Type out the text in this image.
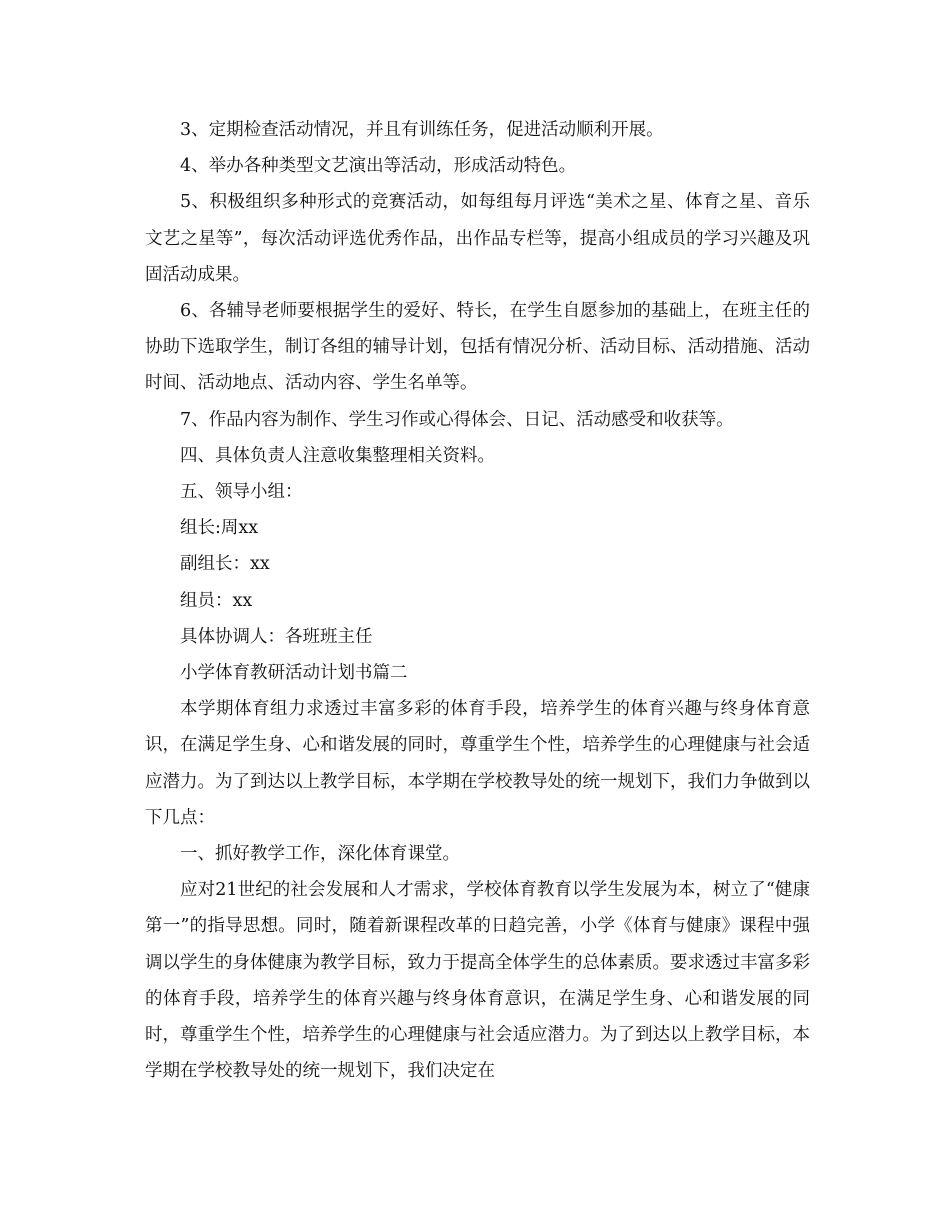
3、定期检查活动情况，并且有训练任务，促进活动顺利开展。

4、举办各种类型文艺演出等活动，形成活动特色。

5、积极组织多种形式的竞赛活动，如每组每月评选“美术之星、体育之星、音乐文艺之星等”，每次活动评选优秀作品，出作品专栏等，提高小组成员的学习兴趣及巩固活动成果。

6、各辅导老师要根据学生的爱好、特长，在学生自愿参加的基础上，在班主任的协助下选取学生，制订各组的辅导计划，包括有情况分析、活动目标、活动措施、活动时间、活动地点、活动内容、学生名单等。

7、作品内容为制作、学生习作或心得体会、日记、活动感受和收获等。

四、具体负责人注意收集整理相关资料。

五、领导小组：

组长:周xx

副组长：xx

组员：xx

具体协调人：各班班主任

小学体育教研活动计划书篇二

本学期体育组力求透过丰富多彩的体育手段，培养学生的体育兴趣与终身体育意识，在满足学生身、心和谐发展的同时，尊重学生个性，培养学生的心理健康与社会适应潜力。为了到达以上教学目标，本学期在学校教导处的统一规划下，我们力争做到以下几点：

一、抓好教学工作，深化体育课堂。

应对21世纪的社会发展和人才需求，学校体育教育以学生发展为本，树立了“健康第一”的指导思想。同时，随着新课程改革的日趋完善，小学《体育与健康》课程中强调以学生的身体健康为教学目标，致力于提高全体学生的总体素质。要求透过丰富多彩的体育手段，培养学生的体育兴趣与终身体育意识，在满足学生身、心和谐发展的同时，尊重学生个性，培养学生的心理健康与社会适应潜力。为了到达以上教学目标，本学期在学校教导处的统一规划下，我们决定在
